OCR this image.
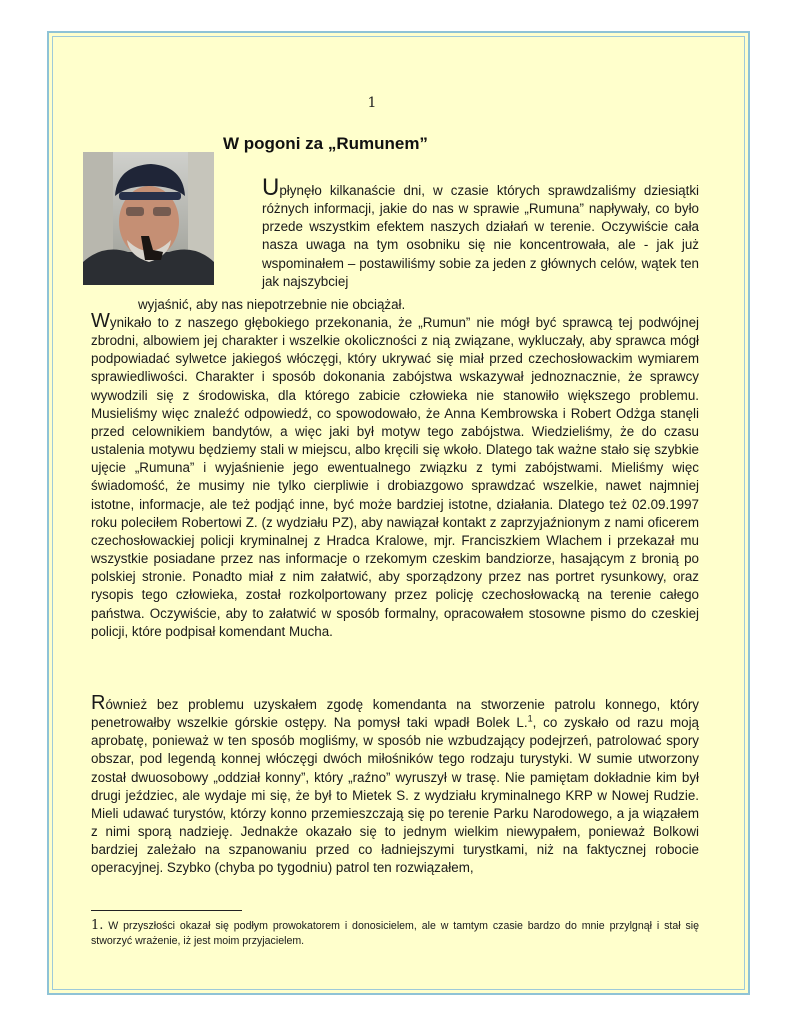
1
W pogoni za „Rumunem”
Upłynęło kilkanaście dni, w czasie których sprawdzaliśmy dziesiątki różnych informacji, jakie do nas w sprawie „Rumuna” napływały, co było przede wszystkim efektem naszych działań w terenie. Oczywiście cała nasza uwaga na tym osobniku się nie koncentrowała, ale - jak już wspominałem – postawiliśmy sobie za jeden z głównych celów, wątek ten jak najszybciej
wyjaśnić, aby nas niepotrzebnie nie obciążał.
Wynikało to z naszego głębokiego przekonania, że „Rumun” nie mógł być sprawcą tej podwójnej zbrodni, albowiem jej charakter i wszelkie okoliczności z nią związane, wykluczały, aby sprawca mógł podpowiadać sylwetce jakiegoś włóczęgi, który ukrywać się miał przed czechosłowackim wymiarem sprawiedliwości. Charakter i sposób dokonania zabójstwa wskazywał jednoznacznie, że sprawcy wywodzili się z środowiska, dla którego zabicie człowieka nie stanowiło większego problemu. Musieliśmy więc znaleźć odpowiedź, co spowodowało, że Anna Kembrowska i Robert Odżga stanęli przed celownikiem bandytów, a więc jaki był motyw tego zabójstwa. Wiedzieliśmy, że do czasu ustalenia motywu będziemy stali w miejscu, albo kręcili się wkoło. Dlatego tak ważne stało się szybkie ujęcie „Rumuna” i wyjaśnienie jego ewentualnego związku z tymi zabójstwami. Mieliśmy więc świadomość, że musimy nie tylko cierpliwie i drobiazgowo sprawdzać wszelkie, nawet najmniej istotne, informacje, ale też podjąć inne, być może bardziej istotne, działania. Dlatego też 02.09.1997 roku poleciłem Robertowi Z. (z wydziału PZ), aby nawiązał kontakt z zaprzyjaźnionym z nami oficerem czechosłowackiej policji kryminalnej z Hradca Kralowe, mjr. Franciszkiem Wlachem i przekazał mu wszystkie posiadane przez nas informacje o rzekomym czeskim bandziorze, hasającym z bronią po polskiej stronie. Ponadto miał z nim załatwić, aby sporządzony przez nas portret rysunkowy, oraz rysopis tego człowieka, został rozkolportowany przez policję czechosłowacką na terenie całego państwa. Oczywiście, aby to załatwić w sposób formalny, opracowałem stosowne pismo do czeskiej policji, które podpisał komendant Mucha.
Również bez problemu uzyskałem zgodę komendanta na stworzenie patrolu konnego, który penetrowałby wszelkie górskie ostępy. Na pomysł taki wpadł Bolek L.$^1$, co zyskało od razu moją aprobatę, ponieważ w ten sposób mogliśmy, w sposób nie wzbudzający podejrzeń, patrolować spory obszar, pod legendą konnej włóczęgi dwóch miłośników tego rodzaju turystyki. W sumie utworzony został dwuosobowy „oddział konny”, który „raźno” wyruszył w trasę. Nie pamiętam dokładnie kim był drugi jeździec, ale wydaje mi się, że był to Mietek S. z wydziału kryminalnego KRP w Nowej Rudzie. Mieli udawać turystów, którzy konno przemieszczają się po terenie Parku Narodowego, a ja wiązałem z nimi sporą nadzieję. Jednakże okazało się to jednym wielkim niewypałem, ponieważ Bolkowi bardziej zależało na szpanowaniu przed co ładniejszymi turystkami, niż na faktycznej robocie operacyjnej. Szybko (chyba po tygodniu) patrol ten rozwiązałem,
1. W przyszłości okazał się podłym prowokatorem i donosicielem, ale w tamtym czasie bardzo do mnie przylgnął i stał się stworzyć wrażenie, iż jest moim przyjacielem.
